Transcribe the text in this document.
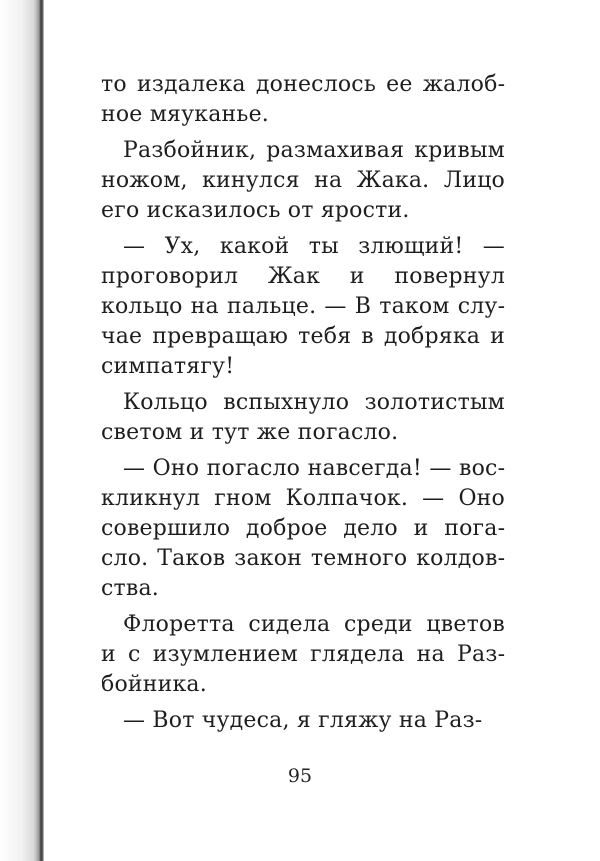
то издалека донеслось ее жалобное мяуканье.

Разбойник, размахивая кривым ножом, кинулся на Жака. Лицо его исказилось от ярости.

— Ух, какой ты злющий! — проговорил Жак и повернул кольцо на пальце. — В таком случае превращаю тебя в добряка и симпатягу!

Кольцо вспыхнуло золотистым светом и тут же погасло.

— Оно погасло навсегда! — воскликнул гном Колпачок. — Оно совершило доброе дело и погасло. Таков закон темного колдовства.

Флоретта сидела среди цветов и с изумлением глядела на Разбойника.

— Вот чудеса, я гляжу на Раз-

95
